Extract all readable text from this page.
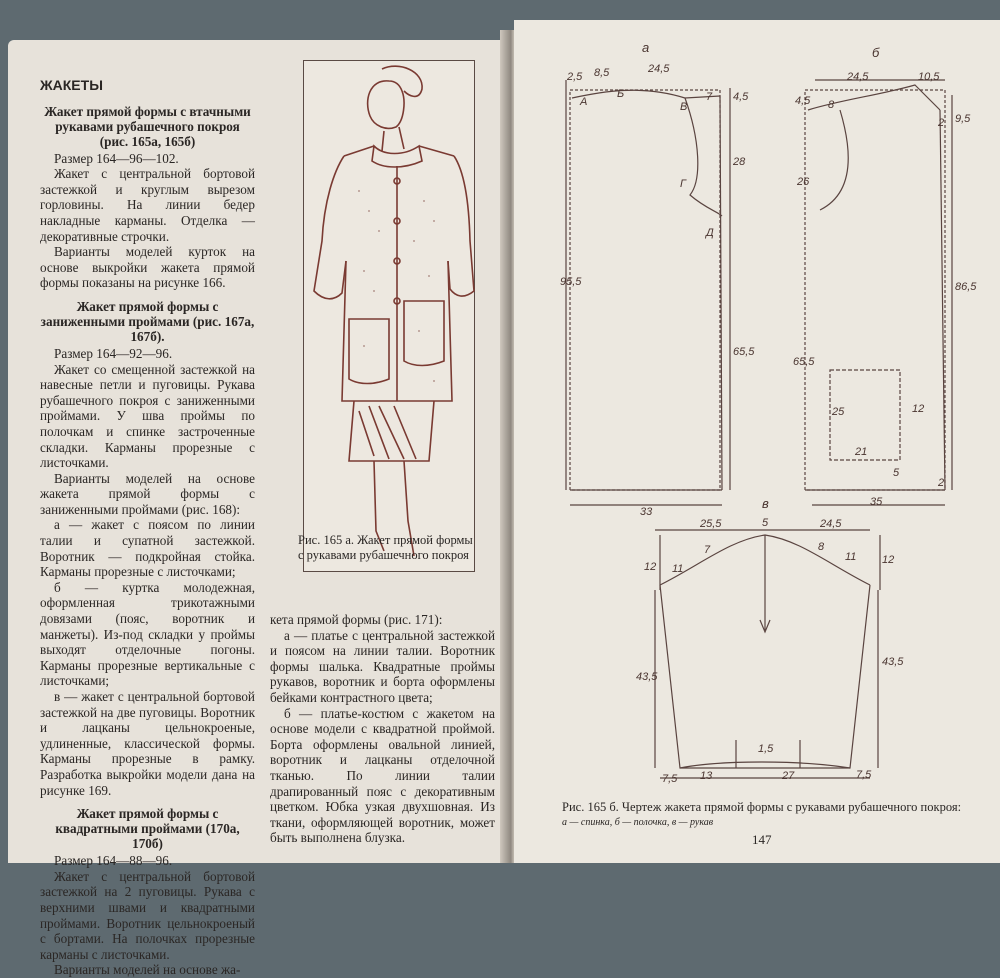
ЖАКЕТЫ
Жакет прямой формы с втачными рукавами рубашечного покроя (рис. 165а, 165б)

Размер 164—96—102.

Жакет с центральной бортовой застежкой и круглым вырезом горловины. На линии бедер накладные карманы. Отделка — декоративные строчки.

Варианты моделей курток на основе выкройки жакета прямой формы показаны на рисунке 166.

Жакет прямой формы с заниженными проймами (рис. 167а, 167б).

Размер 164—92—96.

Жакет со смещенной застежкой на навесные петли и пуговицы. Рукава рубашечного покроя с заниженными проймами. У шва проймы по полочкам и спинке застроченные складки. Карманы прорезные с листочками.

Варианты моделей на основе жакета прямой формы с заниженными проймами (рис. 168):

а — жакет с поясом по линии талии и супатной застежкой. Воротник — подкройная стойка. Карманы прорезные с листочками;

б — куртка молодежная, оформленная трикотажными довязами (пояс, воротник и манжеты). Из-под складки у проймы выходят отделочные погоны. Карманы прорезные вертикальные с листочками;

в — жакет с центральной бортовой застежкой на две пуговицы. Воротник и лацканы цельнокроеные, удлиненные, классической формы. Карманы прорезные в рамку. Разработка выкройки модели дана на рисунке 169.

Жакет прямой формы с квадратными проймами (170а, 170б)

Размер 164—88—96.

Жакет с центральной бортовой застежкой на 2 пуговицы. Рукава с верхними швами и квадратными проймами. Воротник цельнокроеный с бортами. На полочках прорезные карманы с листочками.

Варианты моделей на основе жа-

Рис. 165 а. Жакет прямой формы с рукавами рубашечного покроя

кета прямой формы (рис. 171):

а — платье с центральной застежкой и поясом на линии талии. Воротник формы шалька. Квадратные проймы рукавов, воротник и борта оформлены бейками контрастного цвета;

б — платье-костюм с жакетом на основе модели с квадратной проймой. Борта оформлены овальной линией, воротник и лацканы отделочной тканью. По линии талии драпированный пояс с декоративным цветком. Юбка узкая двухшовная. Из ткани, оформляющей воротник, может быть выполнена блузка.

а	б
в
2,5 8,5	24,5
4,5
28
95,5
65,5
33
А
Б
В
7
Г
Д
24,5	10,5
4,5
9,5
26
86,5
65,5
35
21
25	12
5
8
2
2
25,5	5	24,5
12 11
7	8
11 12
43,5
43,5
1,5
7,5 13	27	7,5
Рис. 165 б. Чертеж жакета прямой формы с рукавами рубашечного покроя:
а — спинка, б — полочка, в — рукав
147
